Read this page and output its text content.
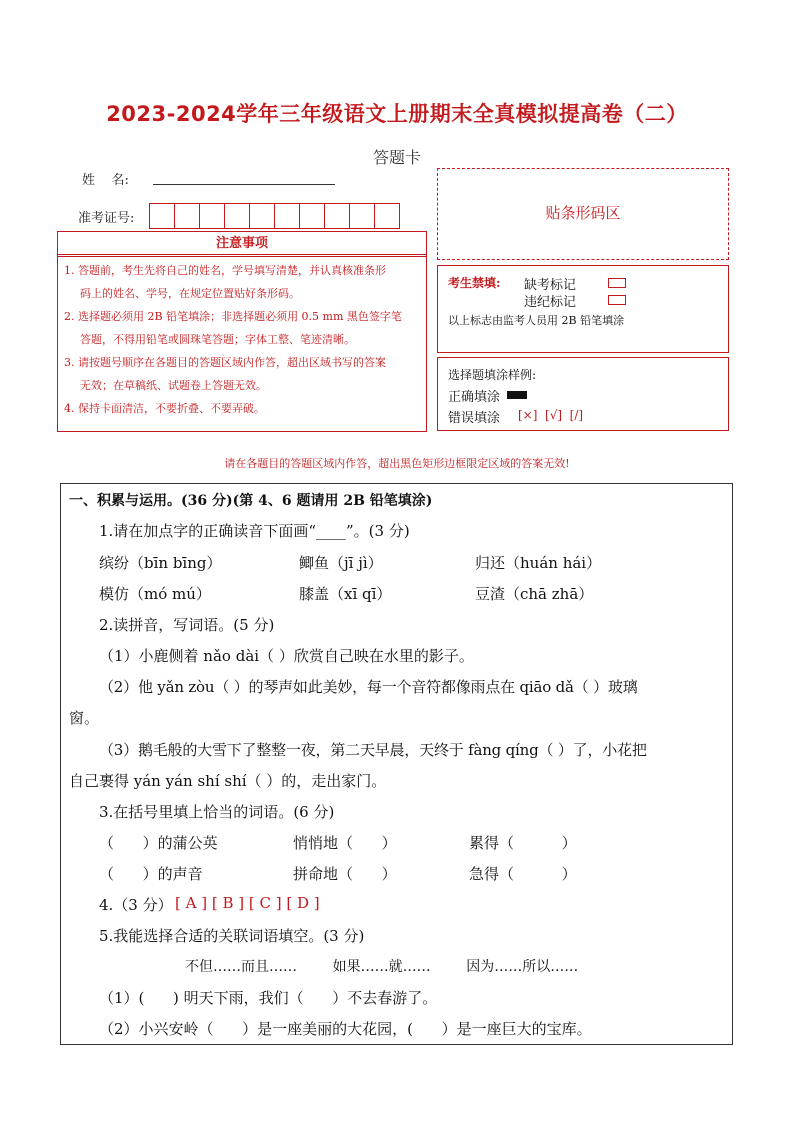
2023-2024学年三年级语文上册期末全真模拟提高卷（二）
答题卡
姓    名:
准考证号:
注意事项
1. 答题前，考生先将自己的姓名，学号填写清楚，并认真核准条形
码上的姓名、学号，在规定位置贴好条形码。
2. 选择题必须用 2B 铅笔填涂；非选择题必须用 0.5 mm 黑色签字笔
答题，不得用铅笔或圆珠笔答题；字体工整、笔迹清晰。
3. 请按题号顺序在各题目的答题区域内作答，超出区域书写的答案
无效；在草稿纸、试题卷上答题无效。
4. 保持卡面清洁，不要折叠、不要弄破。
贴条形码区
考生禁填: 缺考标记
违纪标记
以上标志由监考人员用 2B 铅笔填涂
选择题填涂样例:
正确填涂
错误填涂 [×]  [√]  [/]
请在各题目的答题区域内作答，超出黑色矩形边框限定区域的答案无效!
一、积累与运用。(36 分)(第 4、6 题请用 2B 铅笔填涂)
1.请在加点字的正确读音下面画“____”。(3 分)
缤纷（bīn bīng）	鲫鱼（jī jì）	归还（huán hái）
模仿（mó mú）	膝盖（xī qī）	豆渣（chā zhā）
2.读拼音，写词语。(5 分)
（1）小鹿侧着 nǎo dài（ ）欣赏自己映在水里的影子。
（2）他 yǎn zòu（ ）的琴声如此美妙，每一个音符都像雨点在 qiāo dǎ（ ）玻璃
窗。
（3）鹅毛般的大雪下了整整一夜，第二天早晨，天终于 fàng qíng（ ）了，小花把
自己裹得 yán yán shí shí（ ）的，走出家门。
3.在括号里填上恰当的词语。(6 分)
（      ）的蒲公英	悄悄地（      ）	累得（          ）
（      ）的声音	拼命地（      ）	急得（          ）
4.（3 分） [ A ] [ B ] [ C ] [ D ]
5.我能选择合适的关联词语填空。(3 分)
不但……而且……        如果……就……        因为……所以……
（1）(      ) 明天下雨，我们（      ）不去春游了。
（2）小兴安岭（      ）是一座美丽的大花园，(      ）是一座巨大的宝库。
